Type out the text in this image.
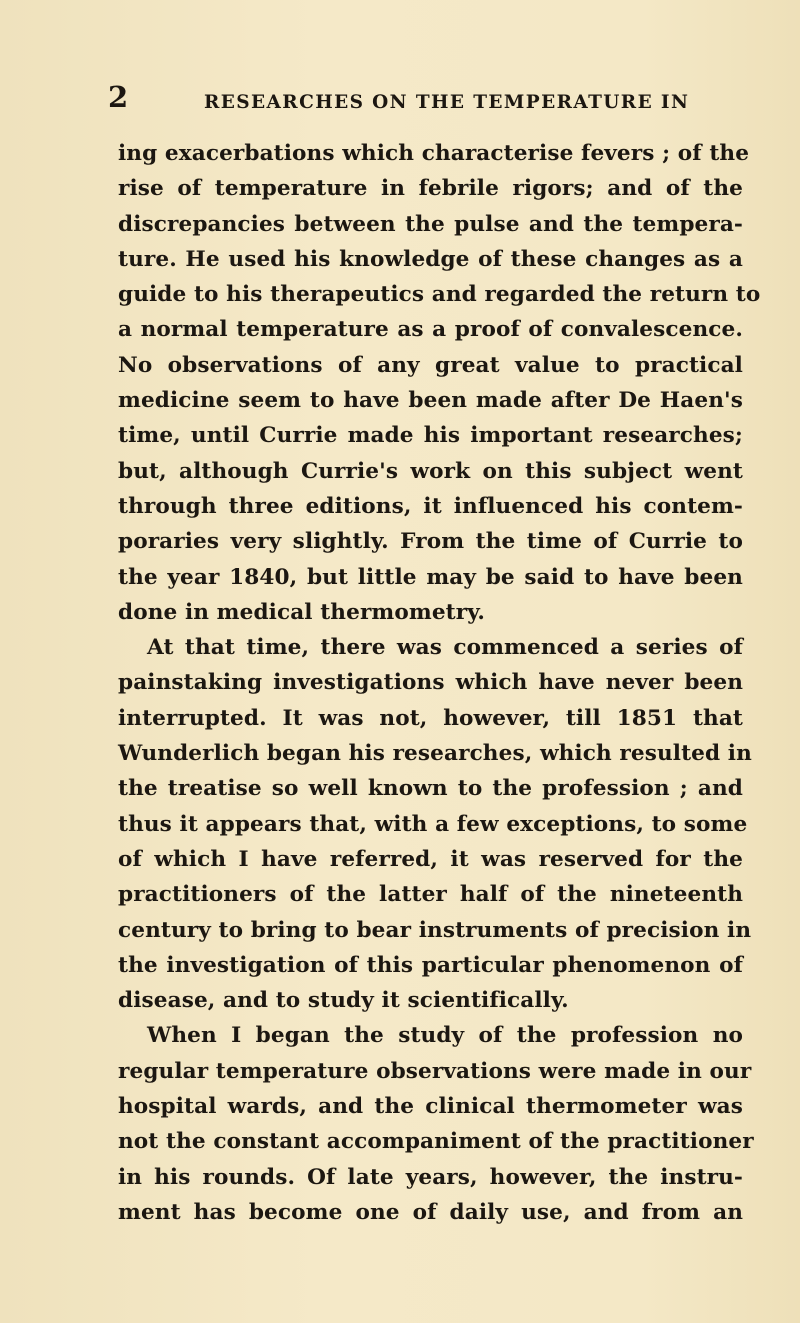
2	RESEARCHES ON THE TEMPERATURE IN
ing exacerbations which characterise fevers ; of the
rise of temperature in febrile rigors; and of the
discrepancies between the pulse and the tempera-
ture. He used his knowledge of these changes as a
guide to his therapeutics and regarded the return to
a normal temperature as a proof of convalescence.
No observations of any great value to practical
medicine seem to have been made after De Haen's
time, until Currie made his important researches;
but, although Currie's work on this subject went
through three editions, it influenced his contem-
poraries very slightly. From the time of Currie to
the year 1840, but little may be said to have been
done in medical thermometry.
At that time, there was commenced a series of
painstaking investigations which have never been
interrupted. It was not, however, till 1851 that
Wunderlich began his researches, which resulted in
the treatise so well known to the profession ; and
thus it appears that, with a few exceptions, to some
of which I have referred, it was reserved for the
practitioners of the latter half of the nineteenth
century to bring to bear instruments of precision in
the investigation of this particular phenomenon of
disease, and to study it scientifically.
When I began the study of the profession no
regular temperature observations were made in our
hospital wards, and the clinical thermometer was
not the constant accompaniment of the practitioner
in his rounds. Of late years, however, the instru-
ment has become one of daily use, and from an
